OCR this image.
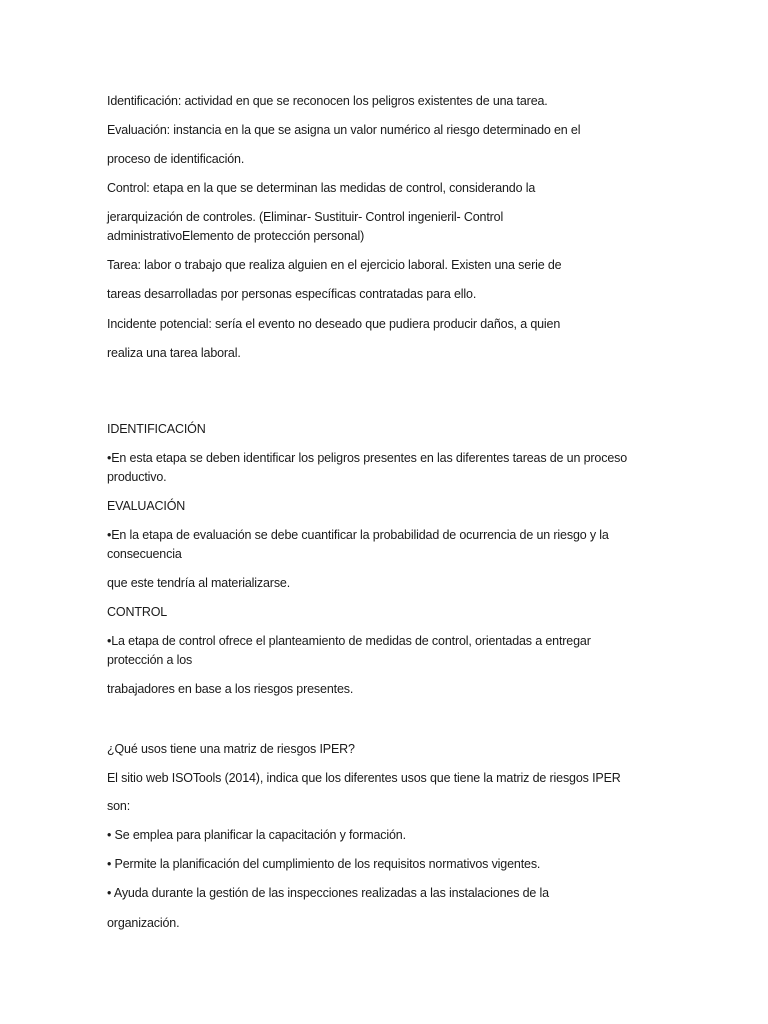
Identificación: actividad en que se reconocen los peligros existentes de una tarea.
Evaluación: instancia en la que se asigna un valor numérico al riesgo determinado en el
proceso de identificación.
Control: etapa en la que se determinan las medidas de control, considerando la
jerarquización de controles. (Eliminar- Sustituir- Control ingenieril- Control
administrativoElemento de protección personal)
Tarea: labor o trabajo que realiza alguien en el ejercicio laboral. Existen una serie de
tareas desarrolladas por personas específicas contratadas para ello.
Incidente potencial: sería el evento no deseado que pudiera producir daños, a quien
realiza una tarea laboral.
IDENTIFICACIÓN
•En esta etapa se deben identificar los peligros presentes en las diferentes tareas de un proceso
productivo.
EVALUACIÓN
•En la etapa de evaluación se debe cuantificar la probabilidad de ocurrencia de un riesgo y la
consecuencia
que este tendría al materializarse.
CONTROL
•La etapa de control ofrece el planteamiento de medidas de control, orientadas a entregar
protección a los
trabajadores en base a los riesgos presentes.
¿Qué usos tiene una matriz de riesgos IPER?
El sitio web ISOTools (2014), indica que los diferentes usos que tiene la matriz de riesgos IPER
son:
• Se emplea para planificar la capacitación y formación.
• Permite la planificación del cumplimiento de los requisitos normativos vigentes.
• Ayuda durante la gestión de las inspecciones realizadas a las instalaciones de la
organización.
